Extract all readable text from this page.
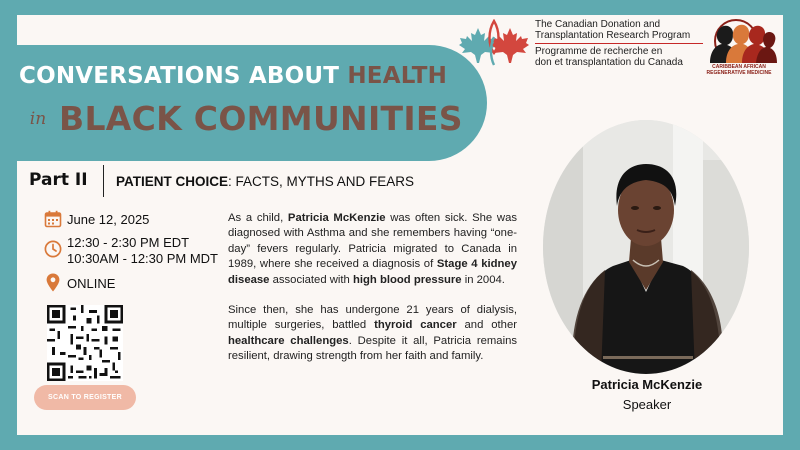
CONVERSATIONS ABOUT HEALTH
in BLACK COMMUNITIES
The Canadian Donation and
Transplantation Research Program
Programme de recherche en
don et transplantation du Canada	CARIBBEAN AFRICAN
REGENERATIVE MEDICINE
Part II PATIENT CHOICE: FACTS, MYTHS AND FEARS
June 12, 2025
12:30 - 2:30 PM EDT
10:30AM - 12:30 PM MDT
ONLINE
SCAN TO REGISTER

As a child, Patricia McKenzie was often sick. She was diagnosed with Asthma and she remembers having “one-day” fevers regularly. Patricia migrated to Canada in 1989, where she received a diagnosis of Stage 4 kidney disease associated with high blood pressure in 2004.

Since then, she has undergone 21 years of dialysis, multiple surgeries, battled thyroid cancer and other healthcare challenges. Despite it all, Patricia remains resilient, drawing strength from her faith and family.

Patricia McKenzie
Speaker
